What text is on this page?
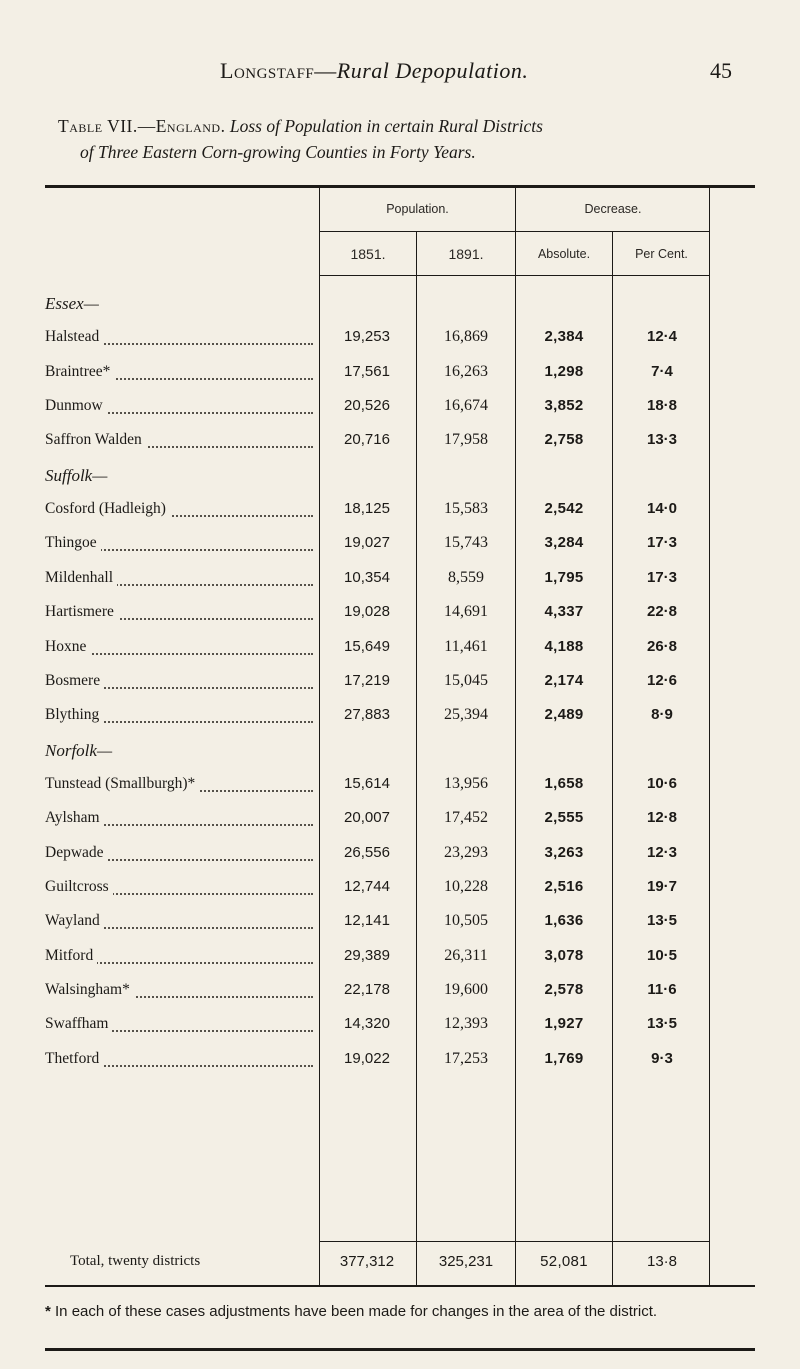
Longstaff—Rural Depopulation.	45
Table VII.—England. Loss of Population in certain Rural Districts
of Three Eastern Corn-growing Counties in Forty Years.
Population.	Decrease.
1851.	1891.	Absolute.	Per Cent.
Essex—
Halstead	19,253	16,869	2,384	12·4
Braintree*	17,561	16,263	1,298	7·4
Dunmow	20,526	16,674	3,852	18·8
Saffron Walden	20,716	17,958	2,758	13·3
Suffolk—
Cosford (Hadleigh)	18,125	15,583	2,542	14·0
Thingoe	19,027	15,743	3,284	17·3
Mildenhall	10,354	8,559	1,795	17·3
Hartismere	19,028	14,691	4,337	22·8
Hoxne	15,649	11,461	4,188	26·8
Bosmere	17,219	15,045	2,174	12·6
Blything	27,883	25,394	2,489	8·9
Norfolk—
Tunstead (Smallburgh)*	15,614	13,956	1,658	10·6
Aylsham	20,007	17,452	2,555	12·8
Depwade	26,556	23,293	3,263	12·3
Guiltcross	12,744	10,228	2,516	19·7
Wayland	12,141	10,505	1,636	13·5
Mitford	29,389	26,311	3,078	10·5
Walsingham*	22,178	19,600	2,578	11·6
Swaffham	14,320	12,393	1,927	13·5
Thetford	19,022	17,253	1,769	9·3
Total, twenty districts	377,312	325,231	52,081	13·8
* In each of these cases adjustments have been made for changes in the area of the district.
